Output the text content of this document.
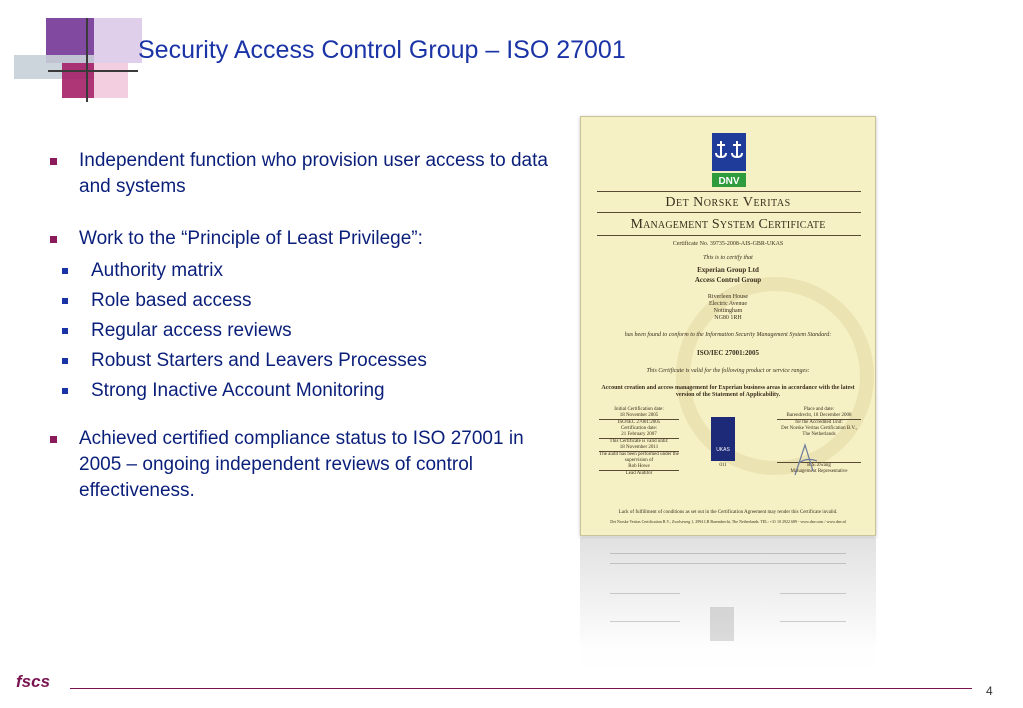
Security Access Control Group – ISO 27001
Independent function who provision user access to data and systems
Work to the “Principle of Least Privilege”:
Authority matrix
Role based access
Regular access reviews
Robust Starters and Leavers Processes
Strong Inactive Account Monitoring
Achieved certified compliance status to ISO 27001 in 2005 – ongoing independent reviews of control effectiveness.
DNV
Det Norske Veritas
Management System Certificate
Certificate No. 39735-2008-AIS-GBR-UKAS
This is to certify that
Experian Group Ltd
Access Control Group
Riverleen House
Electric Avenue
Nottingham
NG80 1RH
has been found to conform to the Information Security Management System Standard:
ISO/IEC 27001:2005
This Certificate is valid for the following product or service ranges:
Account creation and access management for Experian business areas in accordance with the latest version of the Statement of Applicability.
Initial Certification date:
18 November 2005
ISO/IEC 27001:2005
Certification date:
21 February 2007
This Certificate is valid until:
18 November 2011
The audit has been performed under the supervision of
Rob Howe
Lead Auditor
UKAS
011
Place and date:
Barendrecht, 18 December 2008
for the Accredited Unit:
Det Norske Veritas Certification B.V.,
The Netherlands
R.S. Zwang
Management Representative
Lack of fulfillment of conditions as set out in the Certification Agreement may render this Certificate invalid.
Det Norske Veritas Certification B.V., Zwolseweg 1, 2994 LB Barendrecht, The Netherlands. TEL: +31 10 2922 689 - www.dnv.com / www.dnv.nl
fscs	4
